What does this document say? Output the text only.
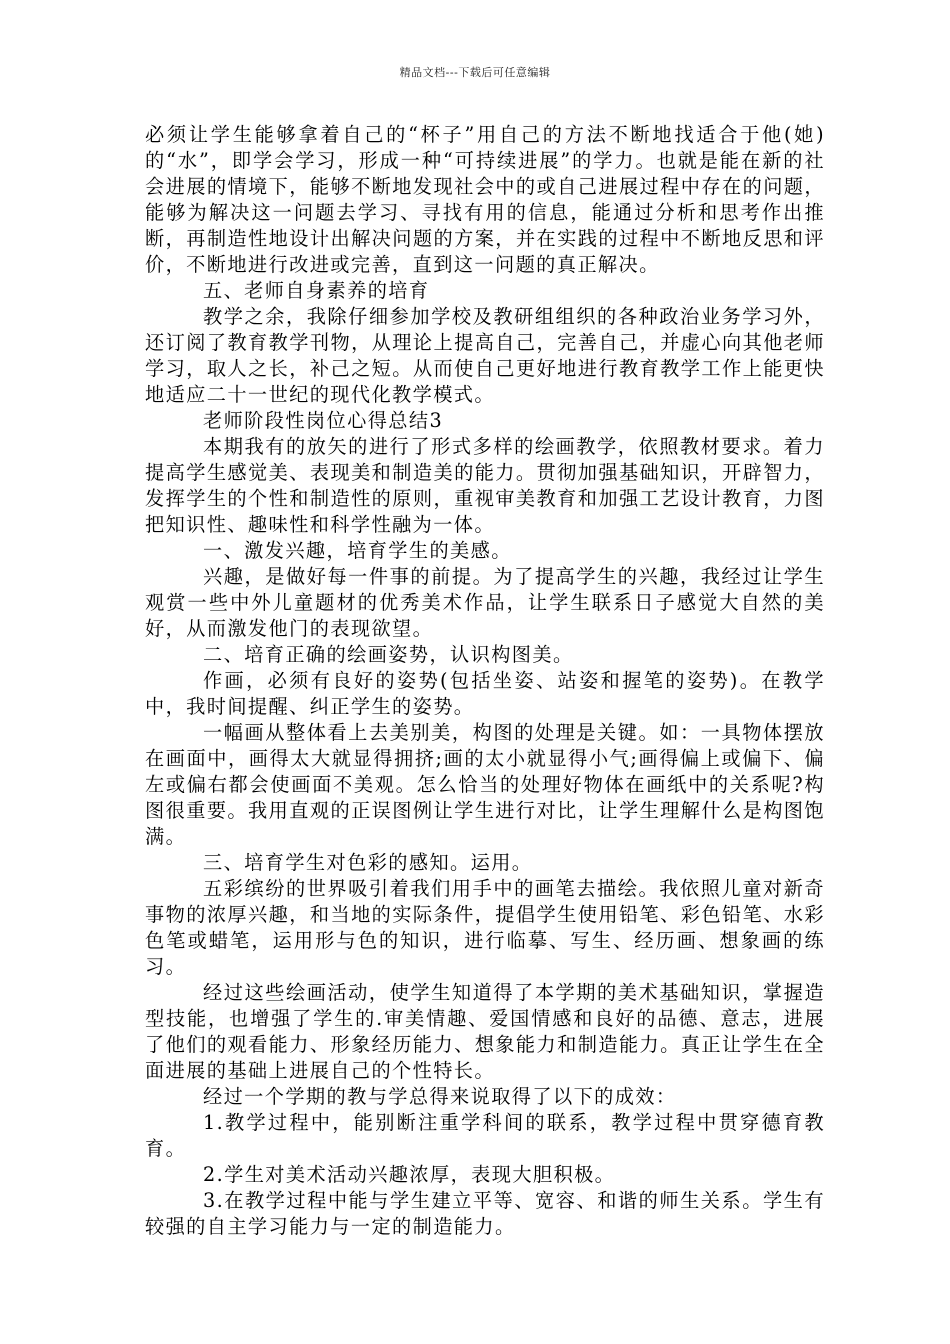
精品文档---下载后可任意编辑

必须让学生能够拿着自己的“杯子”用自己的方法不断地找适合于他(她)的“水”，即学会学习，形成一种“可持续进展”的学力。也就是能在新的社会进展的情境下，能够不断地发现社会中的或自己进展过程中存在的问题，能够为解决这一问题去学习、寻找有用的信息，能通过分析和思考作出推断，再制造性地设计出解决问题的方案，并在实践的过程中不断地反思和评价，不断地进行改进或完善，直到这一问题的真正解决。

五、老师自身素养的培育

教学之余，我除仔细参加学校及教研组组织的各种政治业务学习外，还订阅了教育教学刊物，从理论上提高自己，完善自己，并虚心向其他老师学习，取人之长，补己之短。从而使自己更好地进行教育教学工作上能更快地适应二十一世纪的现代化教学模式。

老师阶段性岗位心得总结3

本期我有的放矢的进行了形式多样的绘画教学，依照教材要求。着力提高学生感觉美、表现美和制造美的能力。贯彻加强基础知识，开辟智力，发挥学生的个性和制造性的原则，重视审美教育和加强工艺设计教育，力图把知识性、趣味性和科学性融为一体。

一、激发兴趣，培育学生的美感。

兴趣，是做好每一件事的前提。为了提高学生的兴趣，我经过让学生观赏一些中外儿童题材的优秀美术作品，让学生联系日子感觉大自然的美好，从而激发他门的表现欲望。

二、培育正确的绘画姿势，认识构图美。

作画，必须有良好的姿势(包括坐姿、站姿和握笔的姿势)。在教学中，我时间提醒、纠正学生的姿势。

一幅画从整体看上去美别美，构图的处理是关键。如：一具物体摆放在画面中，画得太大就显得拥挤;画的太小就显得小气;画得偏上或偏下、偏左或偏右都会使画面不美观。怎么恰当的处理好物体在画纸中的关系呢?构图很重要。我用直观的正误图例让学生进行对比，让学生理解什么是构图饱满。

三、培育学生对色彩的感知。运用。

五彩缤纷的世界吸引着我们用手中的画笔去描绘。我依照儿童对新奇事物的浓厚兴趣，和当地的实际条件，提倡学生使用铅笔、彩色铅笔、水彩色笔或蜡笔，运用形与色的知识，进行临摹、写生、经历画、想象画的练习。

经过这些绘画活动，使学生知道得了本学期的美术基础知识，掌握造型技能，也增强了学生的.审美情趣、爱国情感和良好的品德、意志，进展了他们的观看能力、形象经历能力、想象能力和制造能力。真正让学生在全面进展的基础上进展自己的个性特长。

经过一个学期的教与学总得来说取得了以下的成效：

1.教学过程中，能别断注重学科间的联系，教学过程中贯穿德育教育。

2.学生对美术活动兴趣浓厚，表现大胆积极。

3.在教学过程中能与学生建立平等、宽容、和谐的师生关系。学生有较强的自主学习能力与一定的制造能力。
